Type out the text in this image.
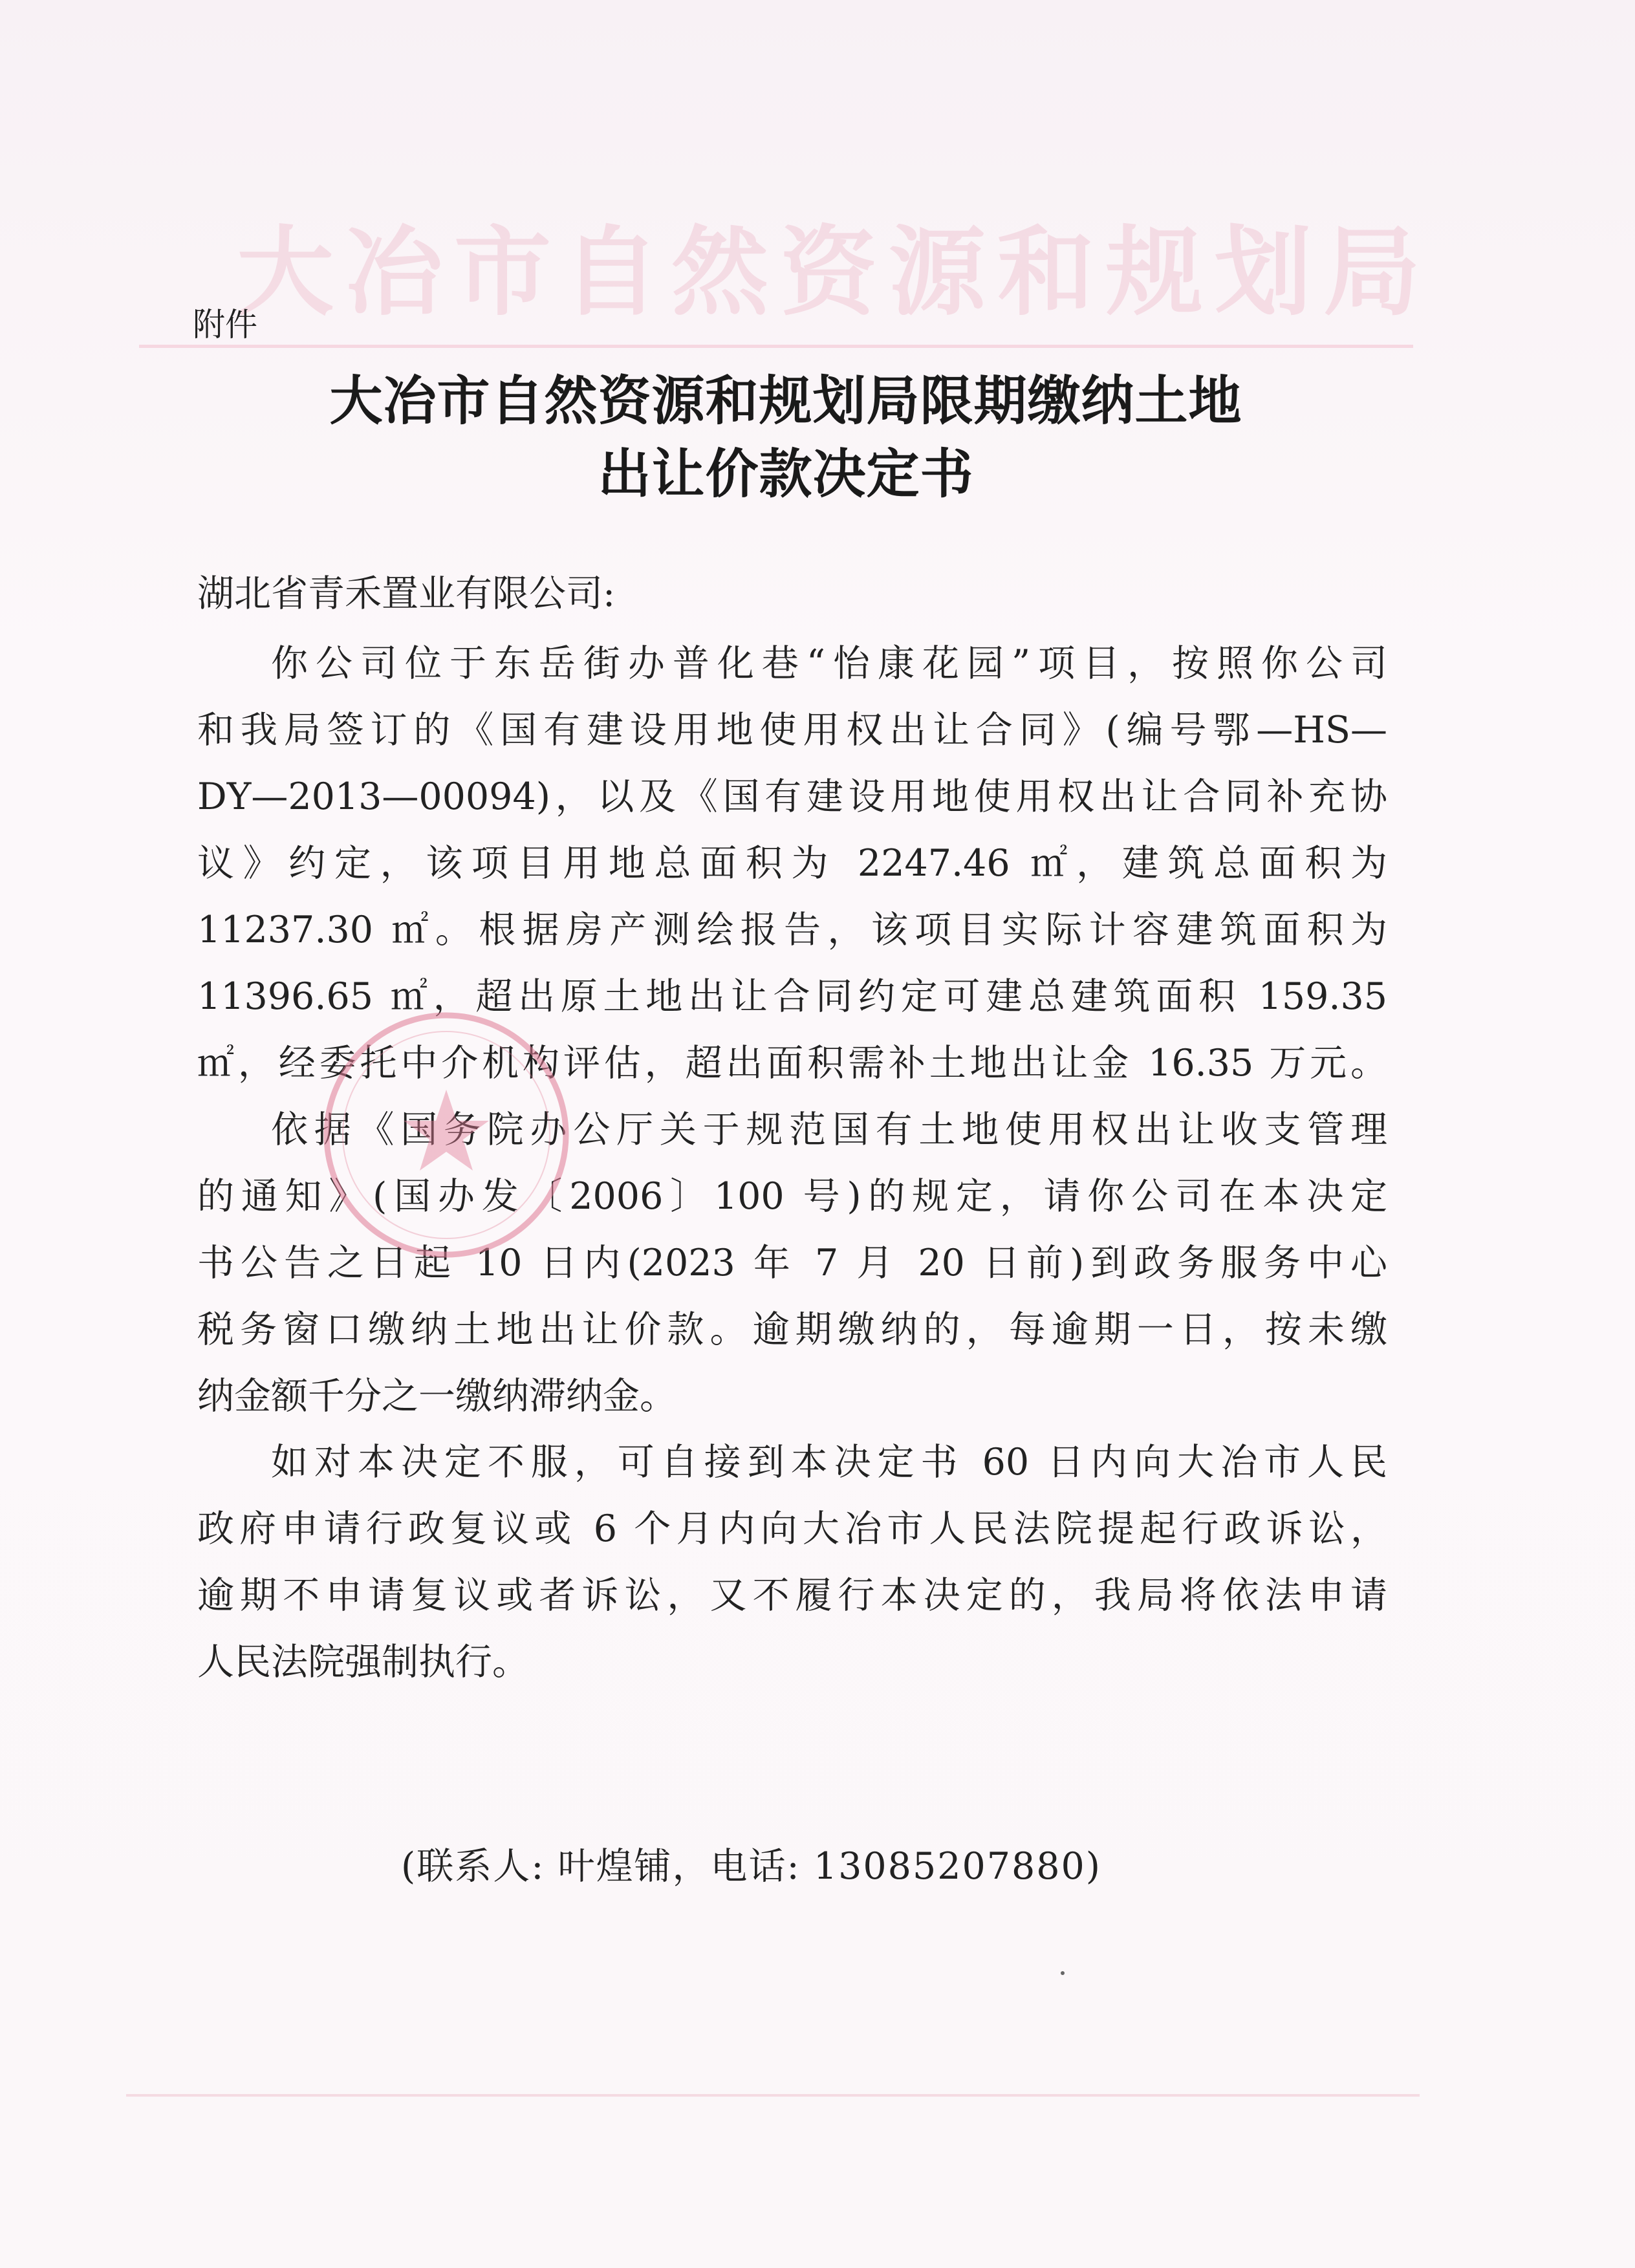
大冶市自然资源和规划局
附件
大冶市自然资源和规划局限期缴纳土地
出让价款决定书
湖北省青禾置业有限公司:
你公司位于东岳街办普化巷“怡康花园”项目，按照你公司
和我局签订的《国有建设用地使用权出让合同》(编号鄂—HS—
DY—2013—00094)，以及《国有建设用地使用权出让合同补充协
议》约定，该项目用地总面积为 2247.46 ㎡，建筑总面积为
11237.30 ㎡。根据房产测绘报告，该项目实际计容建筑面积为
11396.65 ㎡，超出原土地出让合同约定可建总建筑面积 159.35
㎡，经委托中介机构评估，超出面积需补土地出让金 16.35 万元。
依据《国务院办公厅关于规范国有土地使用权出让收支管理
的通知》(国办发〔2006〕100 号)的规定，请你公司在本决定
书公告之日起 10 日内(2023 年 7 月 20 日前)到政务服务中心
税务窗口缴纳土地出让价款。逾期缴纳的，每逾期一日，按未缴
纳金额千分之一缴纳滞纳金。
如对本决定不服，可自接到本决定书 60 日内向大冶市人民
政府申请行政复议或 6 个月内向大冶市人民法院提起行政诉讼，
逾期不申请复议或者诉讼，又不履行本决定的，我局将依法申请
人民法院强制执行。
(联系人: 叶煌铺，电话: 13085207880)
